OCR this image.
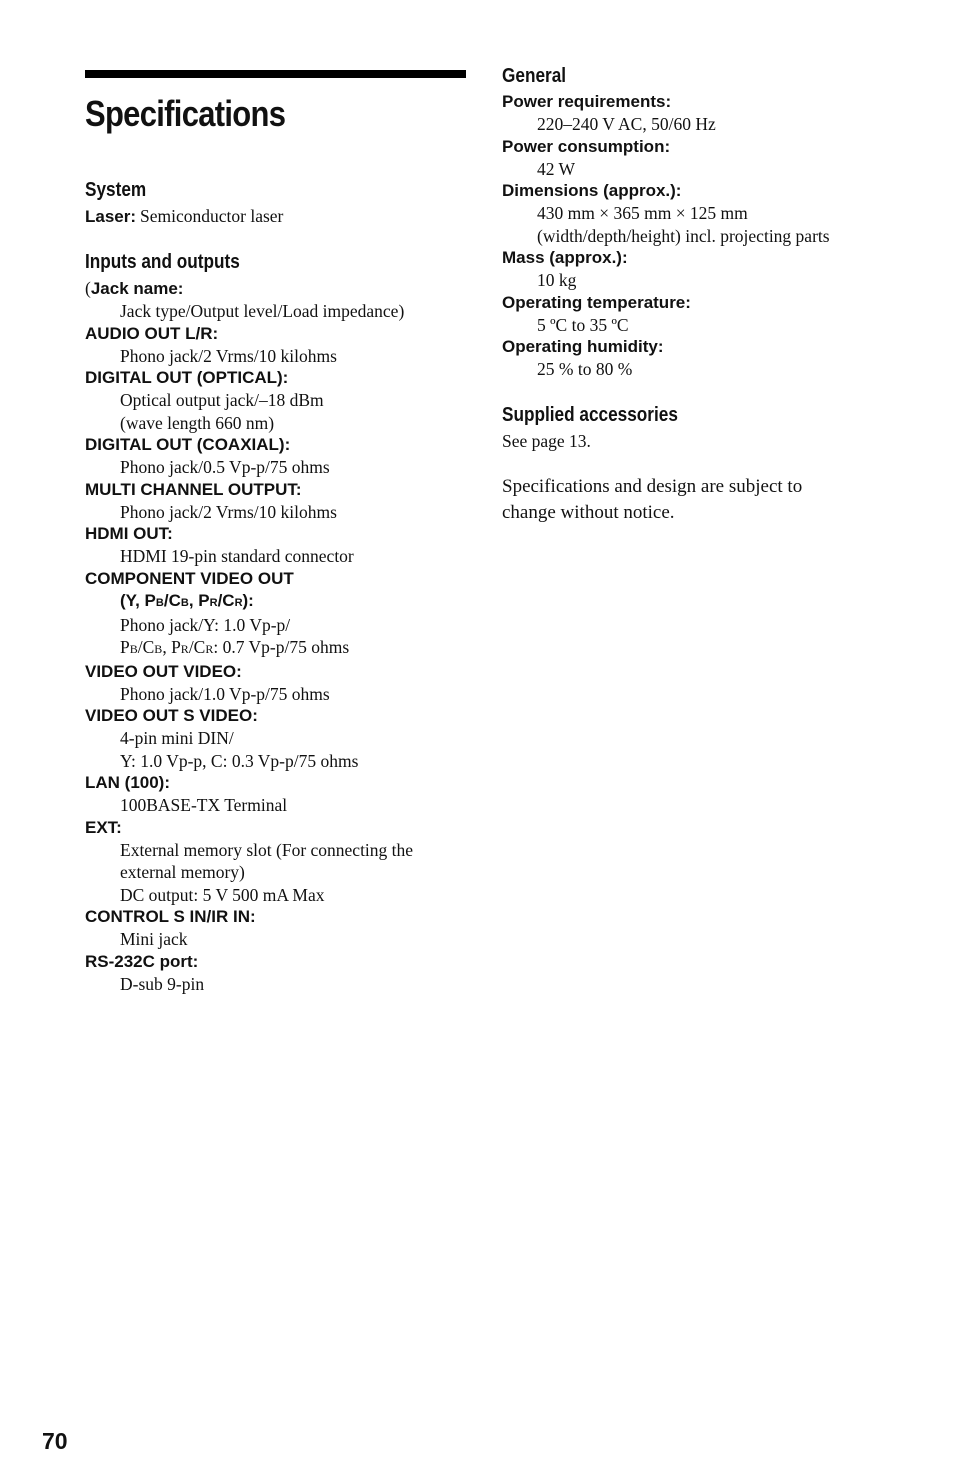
Specifications
System
Laser: Semiconductor laser
Inputs and outputs
(Jack name:
Jack type/Output level/Load impedance)
AUDIO OUT L/R:
Phono jack/2 Vrms/10 kilohms
DIGITAL OUT (OPTICAL):
Optical output jack/–18 dBm
(wave length 660 nm)
DIGITAL OUT (COAXIAL):
Phono jack/0.5 Vp-p/75 ohms
MULTI CHANNEL OUTPUT:
Phono jack/2 Vrms/10 kilohms
HDMI OUT:
HDMI 19-pin standard connector
COMPONENT VIDEO OUT
(Y, PB/CB, PR/CR):
Phono jack/Y: 1.0 Vp-p/
PB/CB, PR/CR: 0.7 Vp-p/75 ohms
VIDEO OUT VIDEO:
Phono jack/1.0 Vp-p/75 ohms
VIDEO OUT S VIDEO:
4-pin mini DIN/
Y: 1.0 Vp-p, C: 0.3 Vp-p/75 ohms
LAN (100):
100BASE-TX Terminal
EXT:
External memory slot (For connecting the
external memory)
DC output: 5 V 500 mA Max
CONTROL S IN/IR IN:
Mini jack
RS-232C port:
D-sub 9-pin
General
Power requirements:
220–240 V AC, 50/60 Hz
Power consumption:
42 W
Dimensions (approx.):
430 mm × 365 mm × 125 mm
(width/depth/height) incl. projecting parts
Mass (approx.):
10 kg
Operating temperature:
5 ºC to 35 ºC
Operating humidity:
25 % to 80 %
Supplied accessories
See page 13.
Specifications and design are subject to
change without notice.
70
